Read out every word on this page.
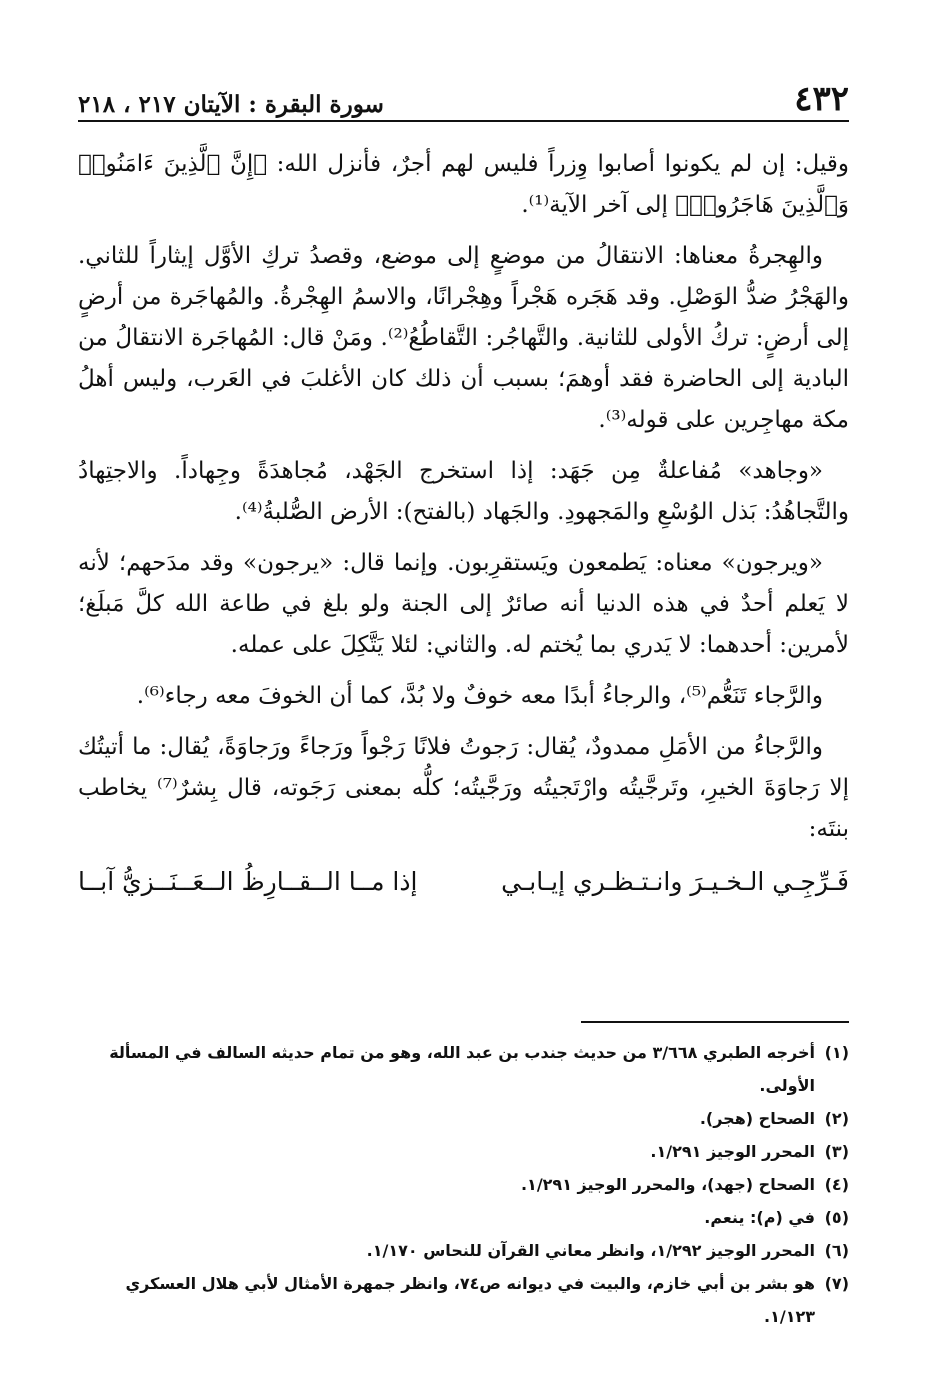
٤٣٢
سورة البقرة : الآيتان ٢١٧ ، ٢١٨

وقيل: إن لم يكونوا أصابوا وِزراً فليس لهم أجرٌ، فأنزل الله: ﴿إِنَّ ٱلَّذِينَ ءَامَنُوا۟ وَٱلَّذِينَ هَاجَرُوا۟﴾ إلى آخر الآية⁽¹⁾.

والهِجرةُ معناها: الانتقالُ من موضعٍ إلى موضع، وقصدُ تركِ الأوَّل إيثاراً للثاني. والهَجْرُ ضدُّ الوَصْلِ. وقد هَجَره هَجْراً وهِجْرانًا، والاسمُ الهِجْرةُ. والمُهاجَرة من أرضٍ إلى أرضٍ: تركُ الأولى للثانية. والتَّهاجُر: التَّقاطُعُ⁽²⁾. ومَنْ قال: المُهاجَرة الانتقالُ من البادية إلى الحاضرة فقد أوهمَ؛ بسبب أن ذلك كان الأغلبَ في العَرب، وليس أهلُ مكة مهاجِرين على قوله⁽³⁾.

«وجاهد» مُفاعلةٌ مِن جَهَد: إذا استخرج الجَهْد، مُجاهدَةً وجِهاداً. والاجتِهادُ والتَّجاهُدُ: بَذل الوُسْعِ والمَجهودِ. والجَهاد (بالفتح): الأرض الصُّلبةُ⁽⁴⁾.

«ويرجون» معناه: يَطمعون ويَستقرِبون. وإنما قال: «يرجون» وقد مدَحهم؛ لأنه لا يَعلم أحدٌ في هذه الدنيا أنه صائرٌ إلى الجنة ولو بلغ في طاعة الله كلَّ مَبلَغ؛ لأمرين: أحدهما: لا يَدري بما يُختم له. والثاني: لئلا يَتَّكِلَ على عمله.

والرَّجاء تَنَعُّم⁽⁵⁾، والرجاءُ أبدًا معه خوفٌ ولا بُدَّ، كما أن الخوفَ معه رجاء⁽⁶⁾.

والرَّجاءُ من الأمَلِ ممدودٌ، يُقال: رَجوتُ فلانًا رَجْواً ورَجاءً ورَجاوَةً، يُقال: ما أتيتُك إلا رَجاوَةَ الخيرِ، وتَرجَّيتُه وارْتَجيتُه ورَجَّيتُه؛ كلُّه بمعنى رَجَوته، قال بِشرٌ⁽⁷⁾ يخاطب بنتَه:

فَـرِّجِـي الـخـيـرَ وانـتـظـري إيـابـي
إذا مــا الــقــارِظُ الــعَــنَــزيُّ آبــا
(١)
أخرجه الطبري ٣/٦٦٨ من حديث جندب بن عبد الله، وهو من تمام حديثه السالف في المسألة الأولى.
(٢)
الصحاح (هجر).
(٣)
المحرر الوجيز ١/٢٩١.
(٤)
الصحاح (جهد)، والمحرر الوجيز ١/٢٩١.
(٥)
في (م): ينعم.
(٦)
المحرر الوجيز ١/٢٩٢، وانظر معاني القرآن للنحاس ١/١٧٠.
(٧)
هو بشر بن أبي خازم، والبيت في ديوانه ص٧٤، وانظر جمهرة الأمثال لأبي هلال العسكري ١/١٢٣.
